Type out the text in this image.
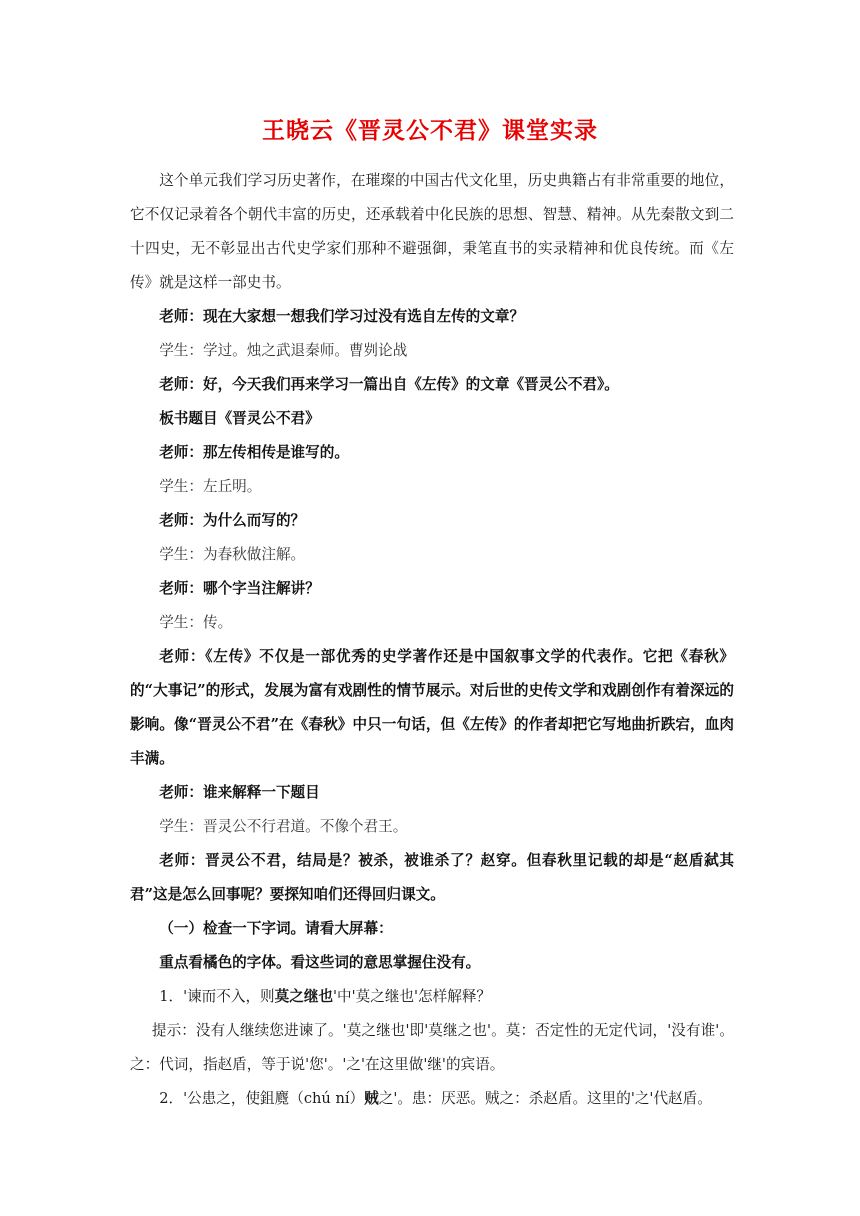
王晓云《晋灵公不君》课堂实录

这个单元我们学习历史著作，在璀璨的中国古代文化里，历史典籍占有非常重要的地位，它不仅记录着各个朝代丰富的历史，还承载着中化民族的思想、智慧、精神。从先秦散文到二十四史，无不彰显出古代史学家们那种不避强御，秉笔直书的实录精神和优良传统。而《左传》就是这样一部史书。

老师：现在大家想一想我们学习过没有选自左传的文章？

学生：学过。烛之武退秦师。曹刿论战

老师：好，今天我们再来学习一篇出自《左传》的文章《晋灵公不君》。

板书题目《晋灵公不君》

老师：那左传相传是谁写的。

学生：左丘明。

老师：为什么而写的？

学生：为春秋做注解。

老师：哪个字当注解讲？

学生：传。

老师：《左传》不仅是一部优秀的史学著作还是中国叙事文学的代表作。它把《春秋》的“大事记”的形式，发展为富有戏剧性的情节展示。对后世的史传文学和戏剧创作有着深远的影响。像“晋灵公不君”在《春秋》中只一句话，但《左传》的作者却把它写地曲折跌宕，血肉丰满。

老师：谁来解释一下题目

学生：晋灵公不行君道。不像个君王。

老师：晋灵公不君，结局是？被杀，被谁杀了？赵穿。但春秋里记载的却是“赵盾弑其君”这是怎么回事呢？要探知咱们还得回归课文。

（一）检查一下字词。请看大屏幕：

重点看橘色的字体。看这些词的意思掌握住没有。

1．'谏而不入，则莫之继也'中'莫之继也'怎样解释？

提示：没有人继续您进谏了。'莫之继也'即'莫继之也'。莫：否定性的无定代词，'没有谁'。之：代词，指赵盾，等于说'您'。'之'在这里做'继'的宾语。

2．'公患之，使鉏麑（chú ní）贼之'。患：厌恶。贼之：杀赵盾。这里的'之'代赵盾。
